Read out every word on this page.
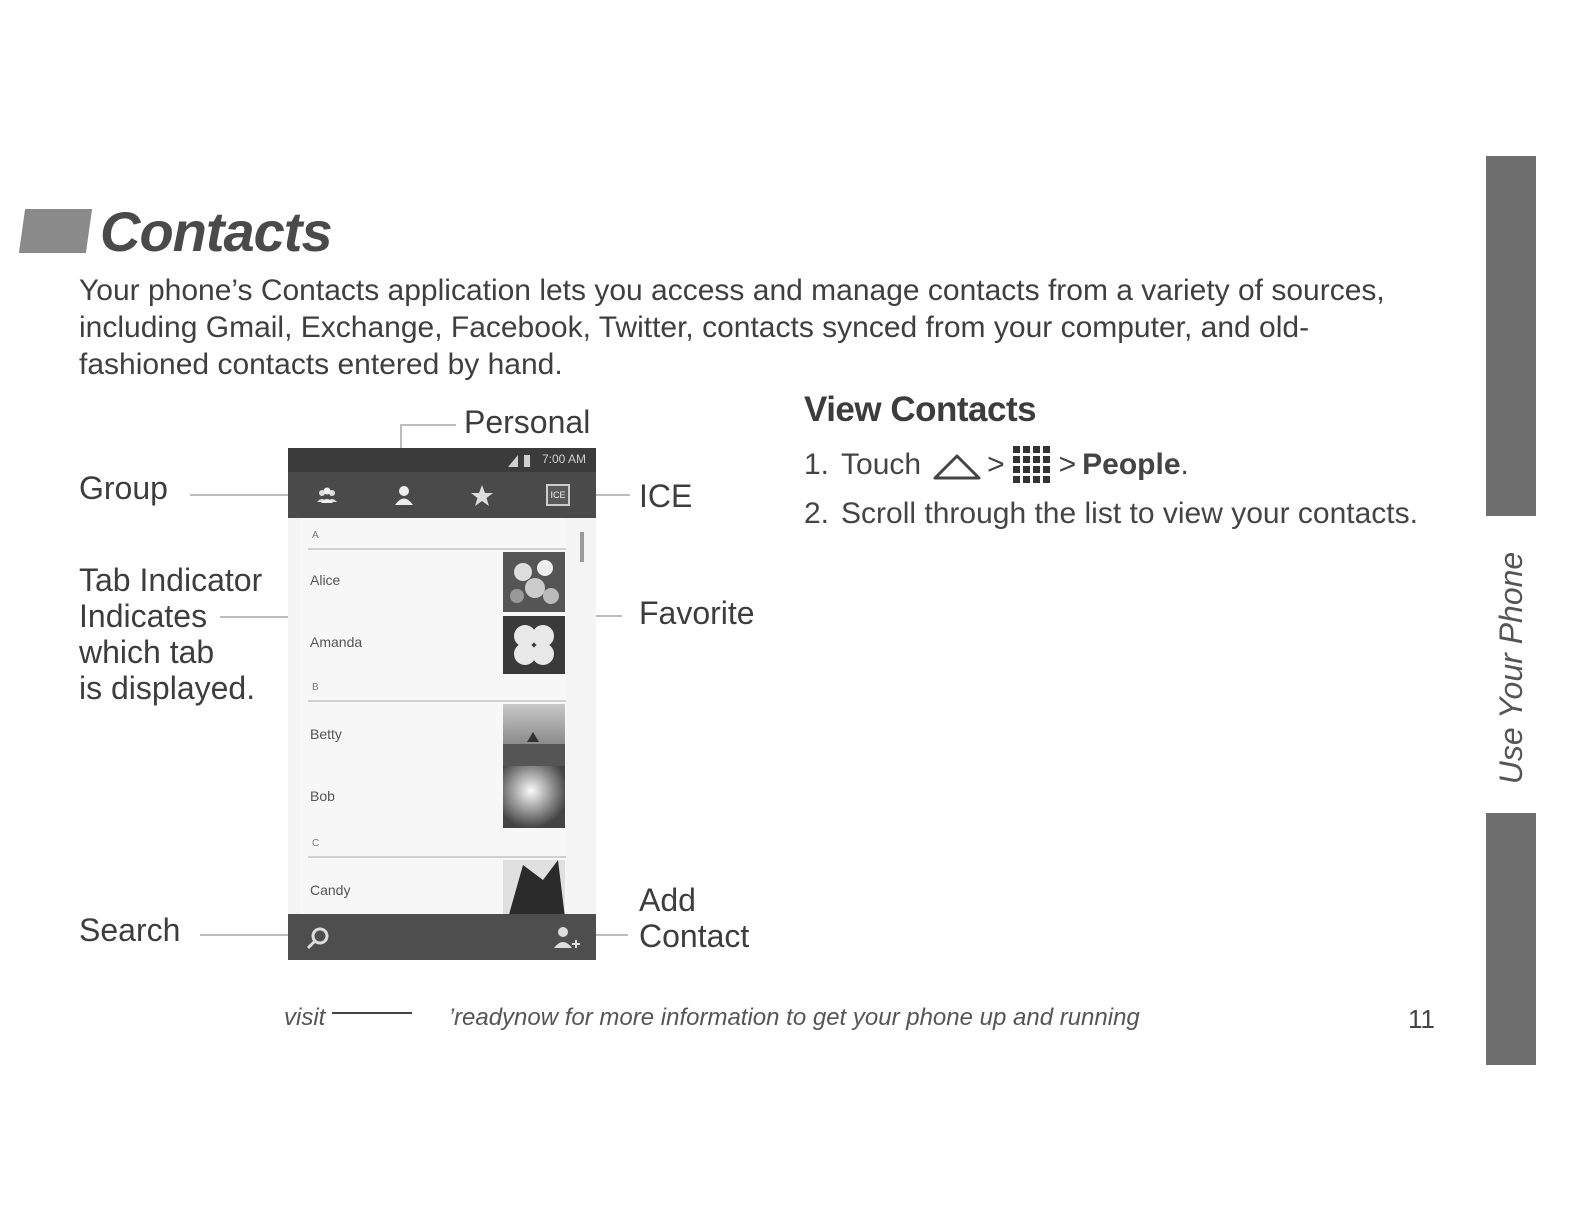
Contacts
Your phone’s Contacts application lets you access and manage contacts from a variety of sources, including Gmail, Exchange, Facebook, Twitter, contacts synced from your computer, and old-fashioned contacts entered by hand.
Personal
Group	ICE
Tab Indicator
Indicates
which tab
is displayed.
Favorite
Search
Add
Contact
7:00 AM
ICE
A
Alice
Amanda
B
Betty
Bob
C
Candy
View Contacts
1. Touch > > People .
2. Scroll through the list to view your contacts.
visit	’readynow for more information to get your phone up and running	11
Use Your Phone
